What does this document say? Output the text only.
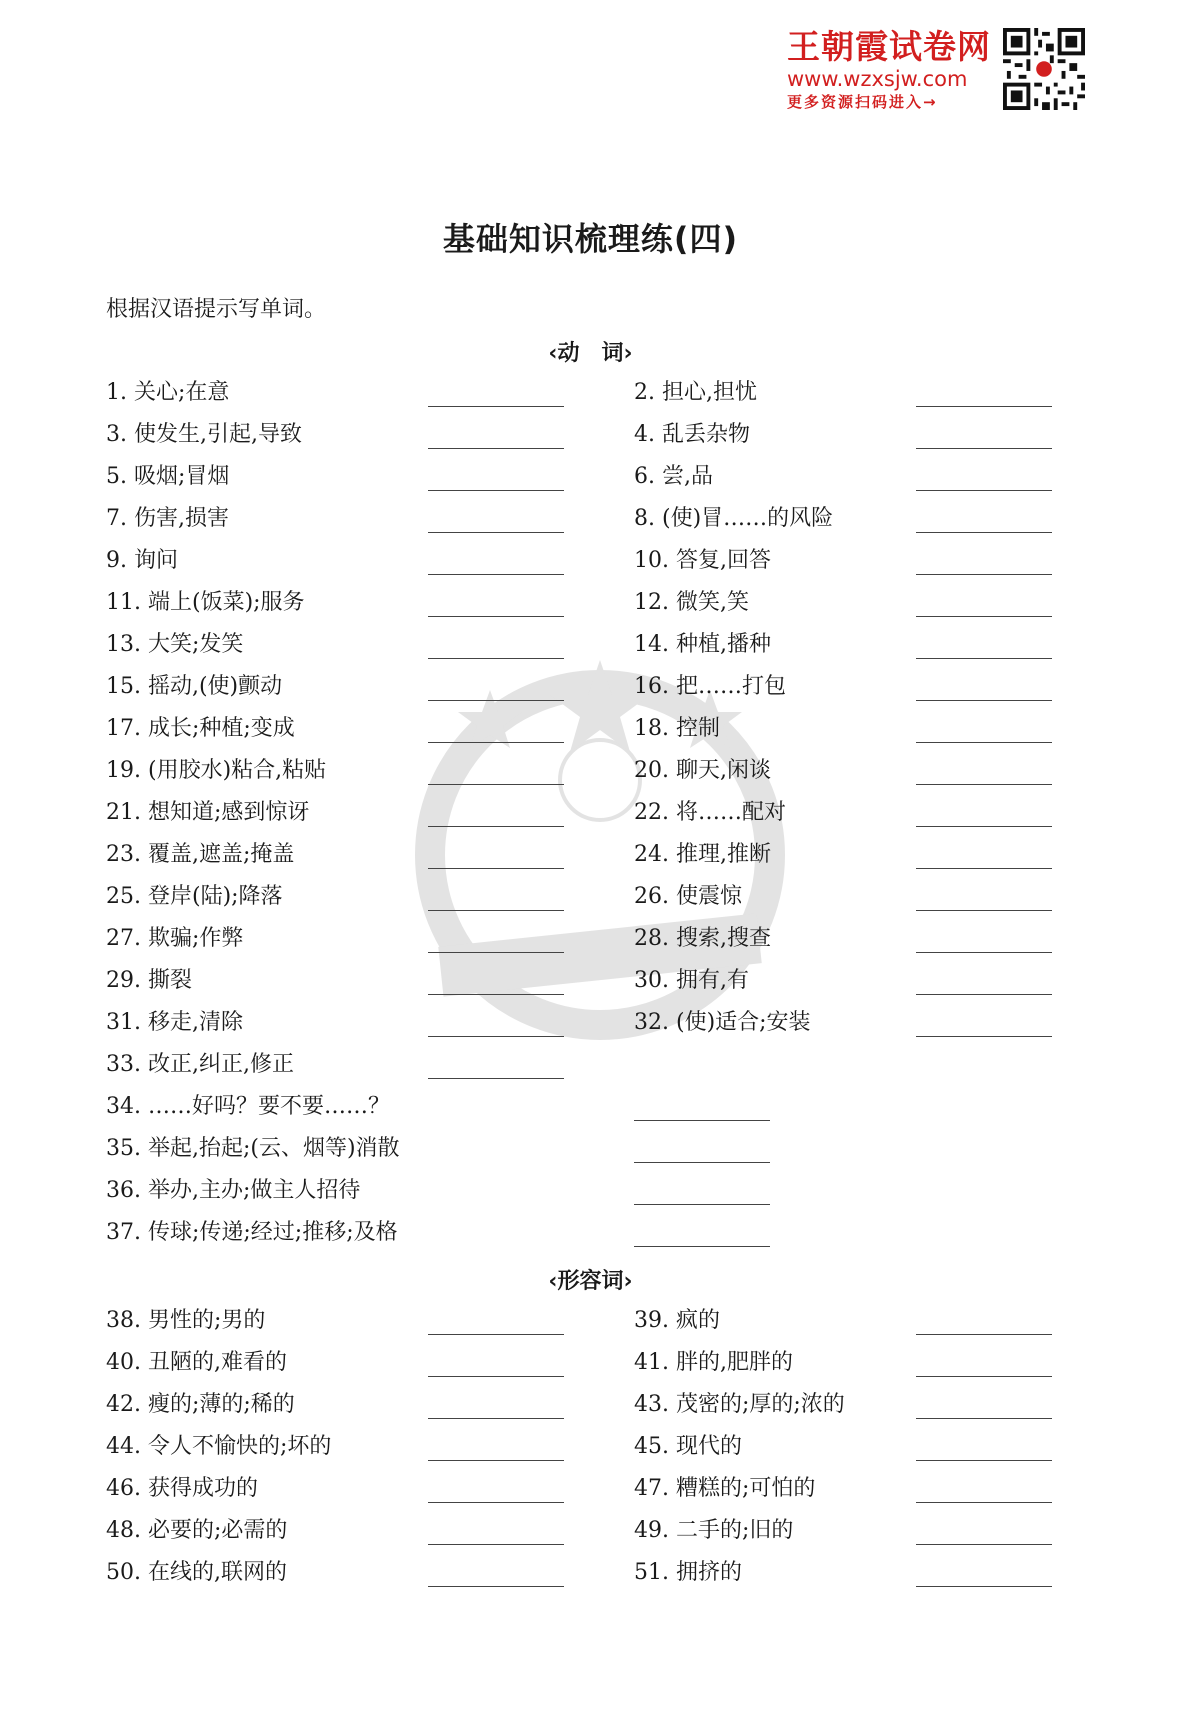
王朝霞试卷网
www.wzxsjw.com
更多资源扫码进入→
基础知识梳理练(四)
根据汉语提示写单词。
‹动　词›
1. 关心;在意	2. 担心,担忧
3. 使发生,引起,导致	4. 乱丢杂物
5. 吸烟;冒烟	6. 尝,品
7. 伤害,损害	8. (使)冒……的风险
9. 询问	10. 答复,回答
11. 端上(饭菜);服务	12. 微笑,笑
13. 大笑;发笑	14. 种植,播种
15. 摇动,(使)颤动	16. 把……打包
17. 成长;种植;变成	18. 控制
19. (用胶水)粘合,粘贴	20. 聊天,闲谈
21. 想知道;感到惊讶	22. 将……配对
23. 覆盖,遮盖;掩盖	24. 推理,推断
25. 登岸(陆);降落	26. 使震惊
27. 欺骗;作弊	28. 搜索,搜查
29. 撕裂	30. 拥有,有
31. 移走,清除	32. (使)适合;安装
33. 改正,纠正,修正
34. ……好吗？要不要……？
35. 举起,抬起;(云、烟等)消散
36. 举办,主办;做主人招待
37. 传球;传递;经过;推移;及格
‹形容词›
38. 男性的;男的	39. 疯的
40. 丑陋的,难看的	41. 胖的,肥胖的
42. 瘦的;薄的;稀的	43. 茂密的;厚的;浓的
44. 令人不愉快的;坏的	45. 现代的
46. 获得成功的	47. 糟糕的;可怕的
48. 必要的;必需的	49. 二手的;旧的
50. 在线的,联网的	51. 拥挤的
